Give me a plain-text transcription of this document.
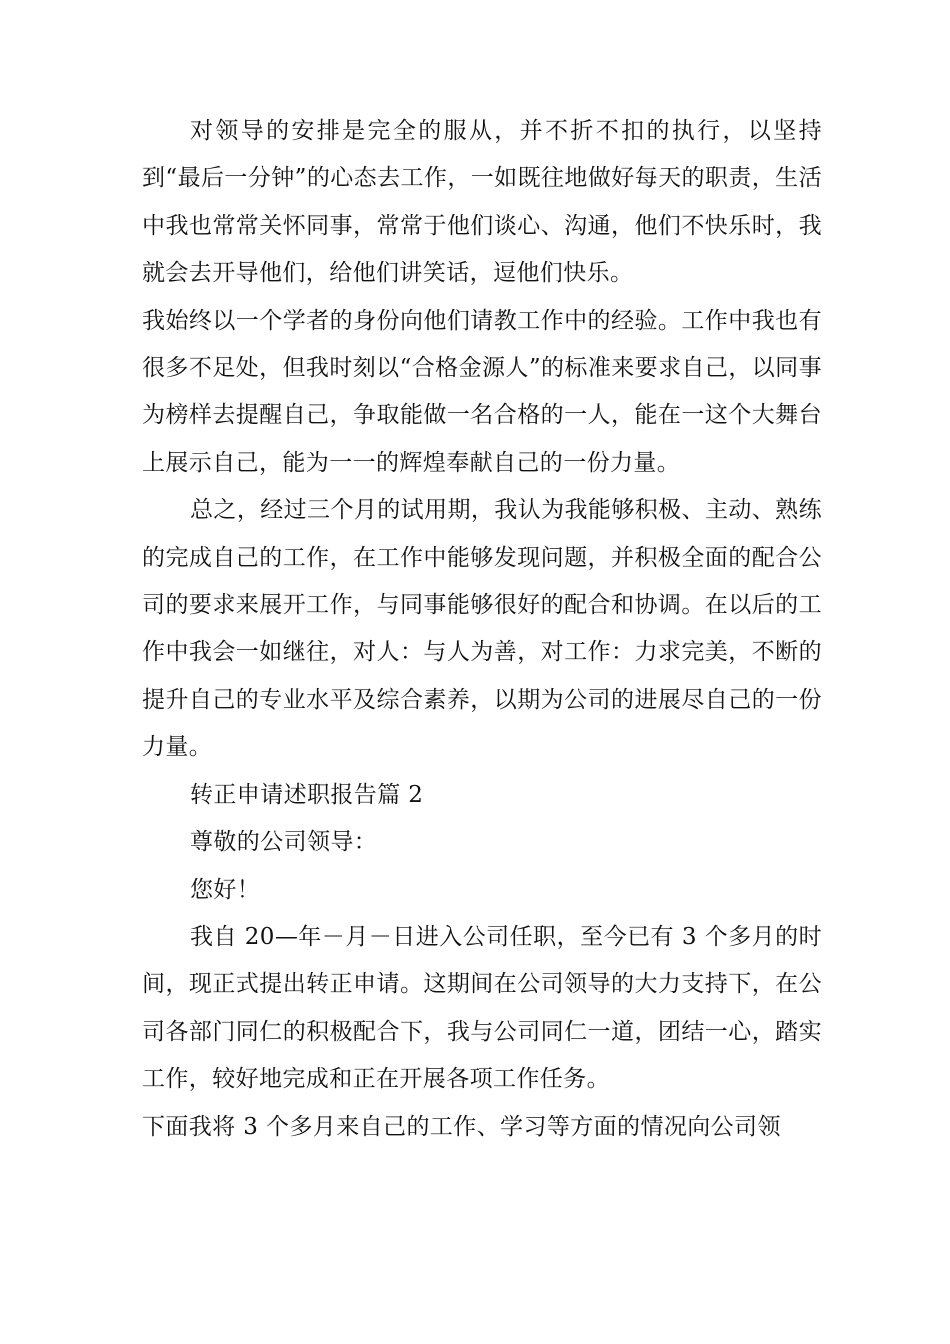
对领导的安排是完全的服从，并不折不扣的执行，以坚持到“最后一分钟”的心态去工作，一如既往地做好每天的职责，生活中我也常常关怀同事，常常于他们谈心、沟通，他们不快乐时，我就会去开导他们，给他们讲笑话，逗他们快乐。

我始终以一个学者的身份向他们请教工作中的经验。工作中我也有很多不足处，但我时刻以“合格金源人”的标准来要求自己，以同事为榜样去提醒自己，争取能做一名合格的一人，能在一这个大舞台上展示自己，能为一一的辉煌奉献自己的一份力量。

总之，经过三个月的试用期，我认为我能够积极、主动、熟练的完成自己的工作，在工作中能够发现问题，并积极全面的配合公司的要求来展开工作，与同事能够很好的配合和协调。在以后的工作中我会一如继往，对人：与人为善，对工作：力求完美，不断的提升自己的专业水平及综合素养，以期为公司的进展尽自己的一份力量。

转正申请述职报告篇 2

尊敬的公司领导：

您好！

我自 20—年－月－日进入公司任职，至今已有 3 个多月的时间，现正式提出转正申请。这期间在公司领导的大力支持下，在公司各部门同仁的积极配合下，我与公司同仁一道，团结一心，踏实工作，较好地完成和正在开展各项工作任务。

下面我将 3 个多月来自己的工作、学习等方面的情况向公司领
